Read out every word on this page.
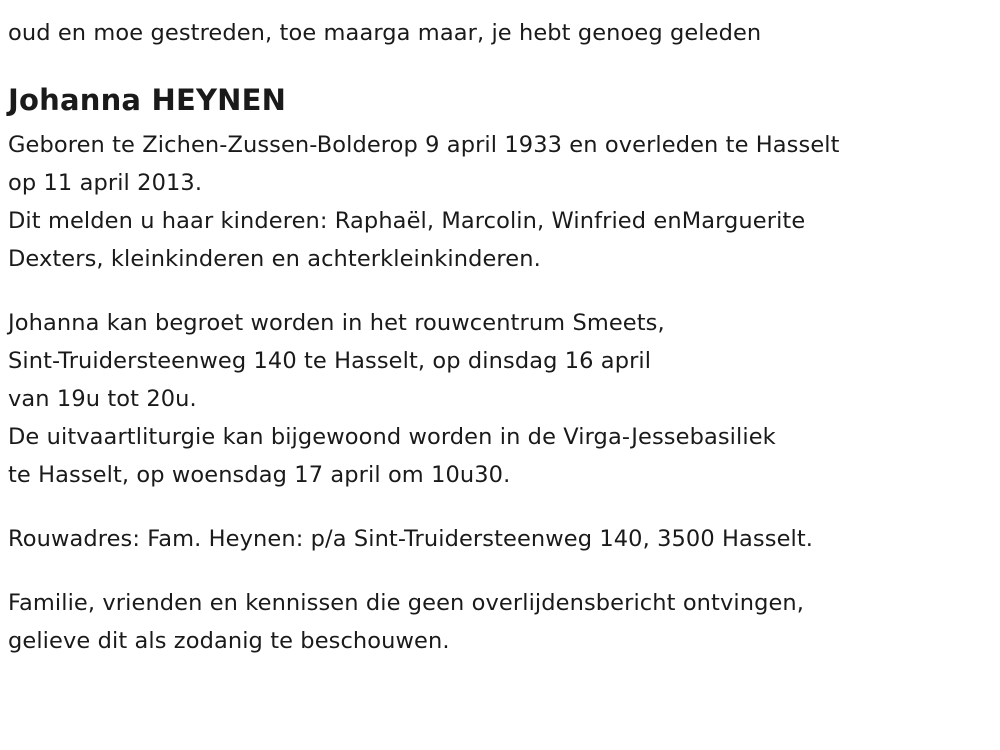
oud en moe gestreden, toe maarga maar, je hebt genoeg geleden
Johanna HEYNEN
Geboren te Zichen-Zussen-Bolderop 9 april 1933 en overleden te Hasselt
op 11 april 2013.
Dit melden u haar kinderen: Raphaël, Marcolin, Winfried enMarguerite
Dexters, kleinkinderen en achterkleinkinderen.
Johanna kan begroet worden in het rouwcentrum Smeets,
Sint-Truidersteenweg 140 te Hasselt, op dinsdag 16 april
van 19u tot 20u.
De uitvaartliturgie kan bijgewoond worden in de Virga-Jessebasiliek
te Hasselt, op woensdag 17 april om 10u30.
Rouwadres: Fam. Heynen: p/a Sint-Truidersteenweg 140, 3500 Hasselt.
Familie, vrienden en kennissen die geen overlijdensbericht ontvingen,
gelieve dit als zodanig te beschouwen.
